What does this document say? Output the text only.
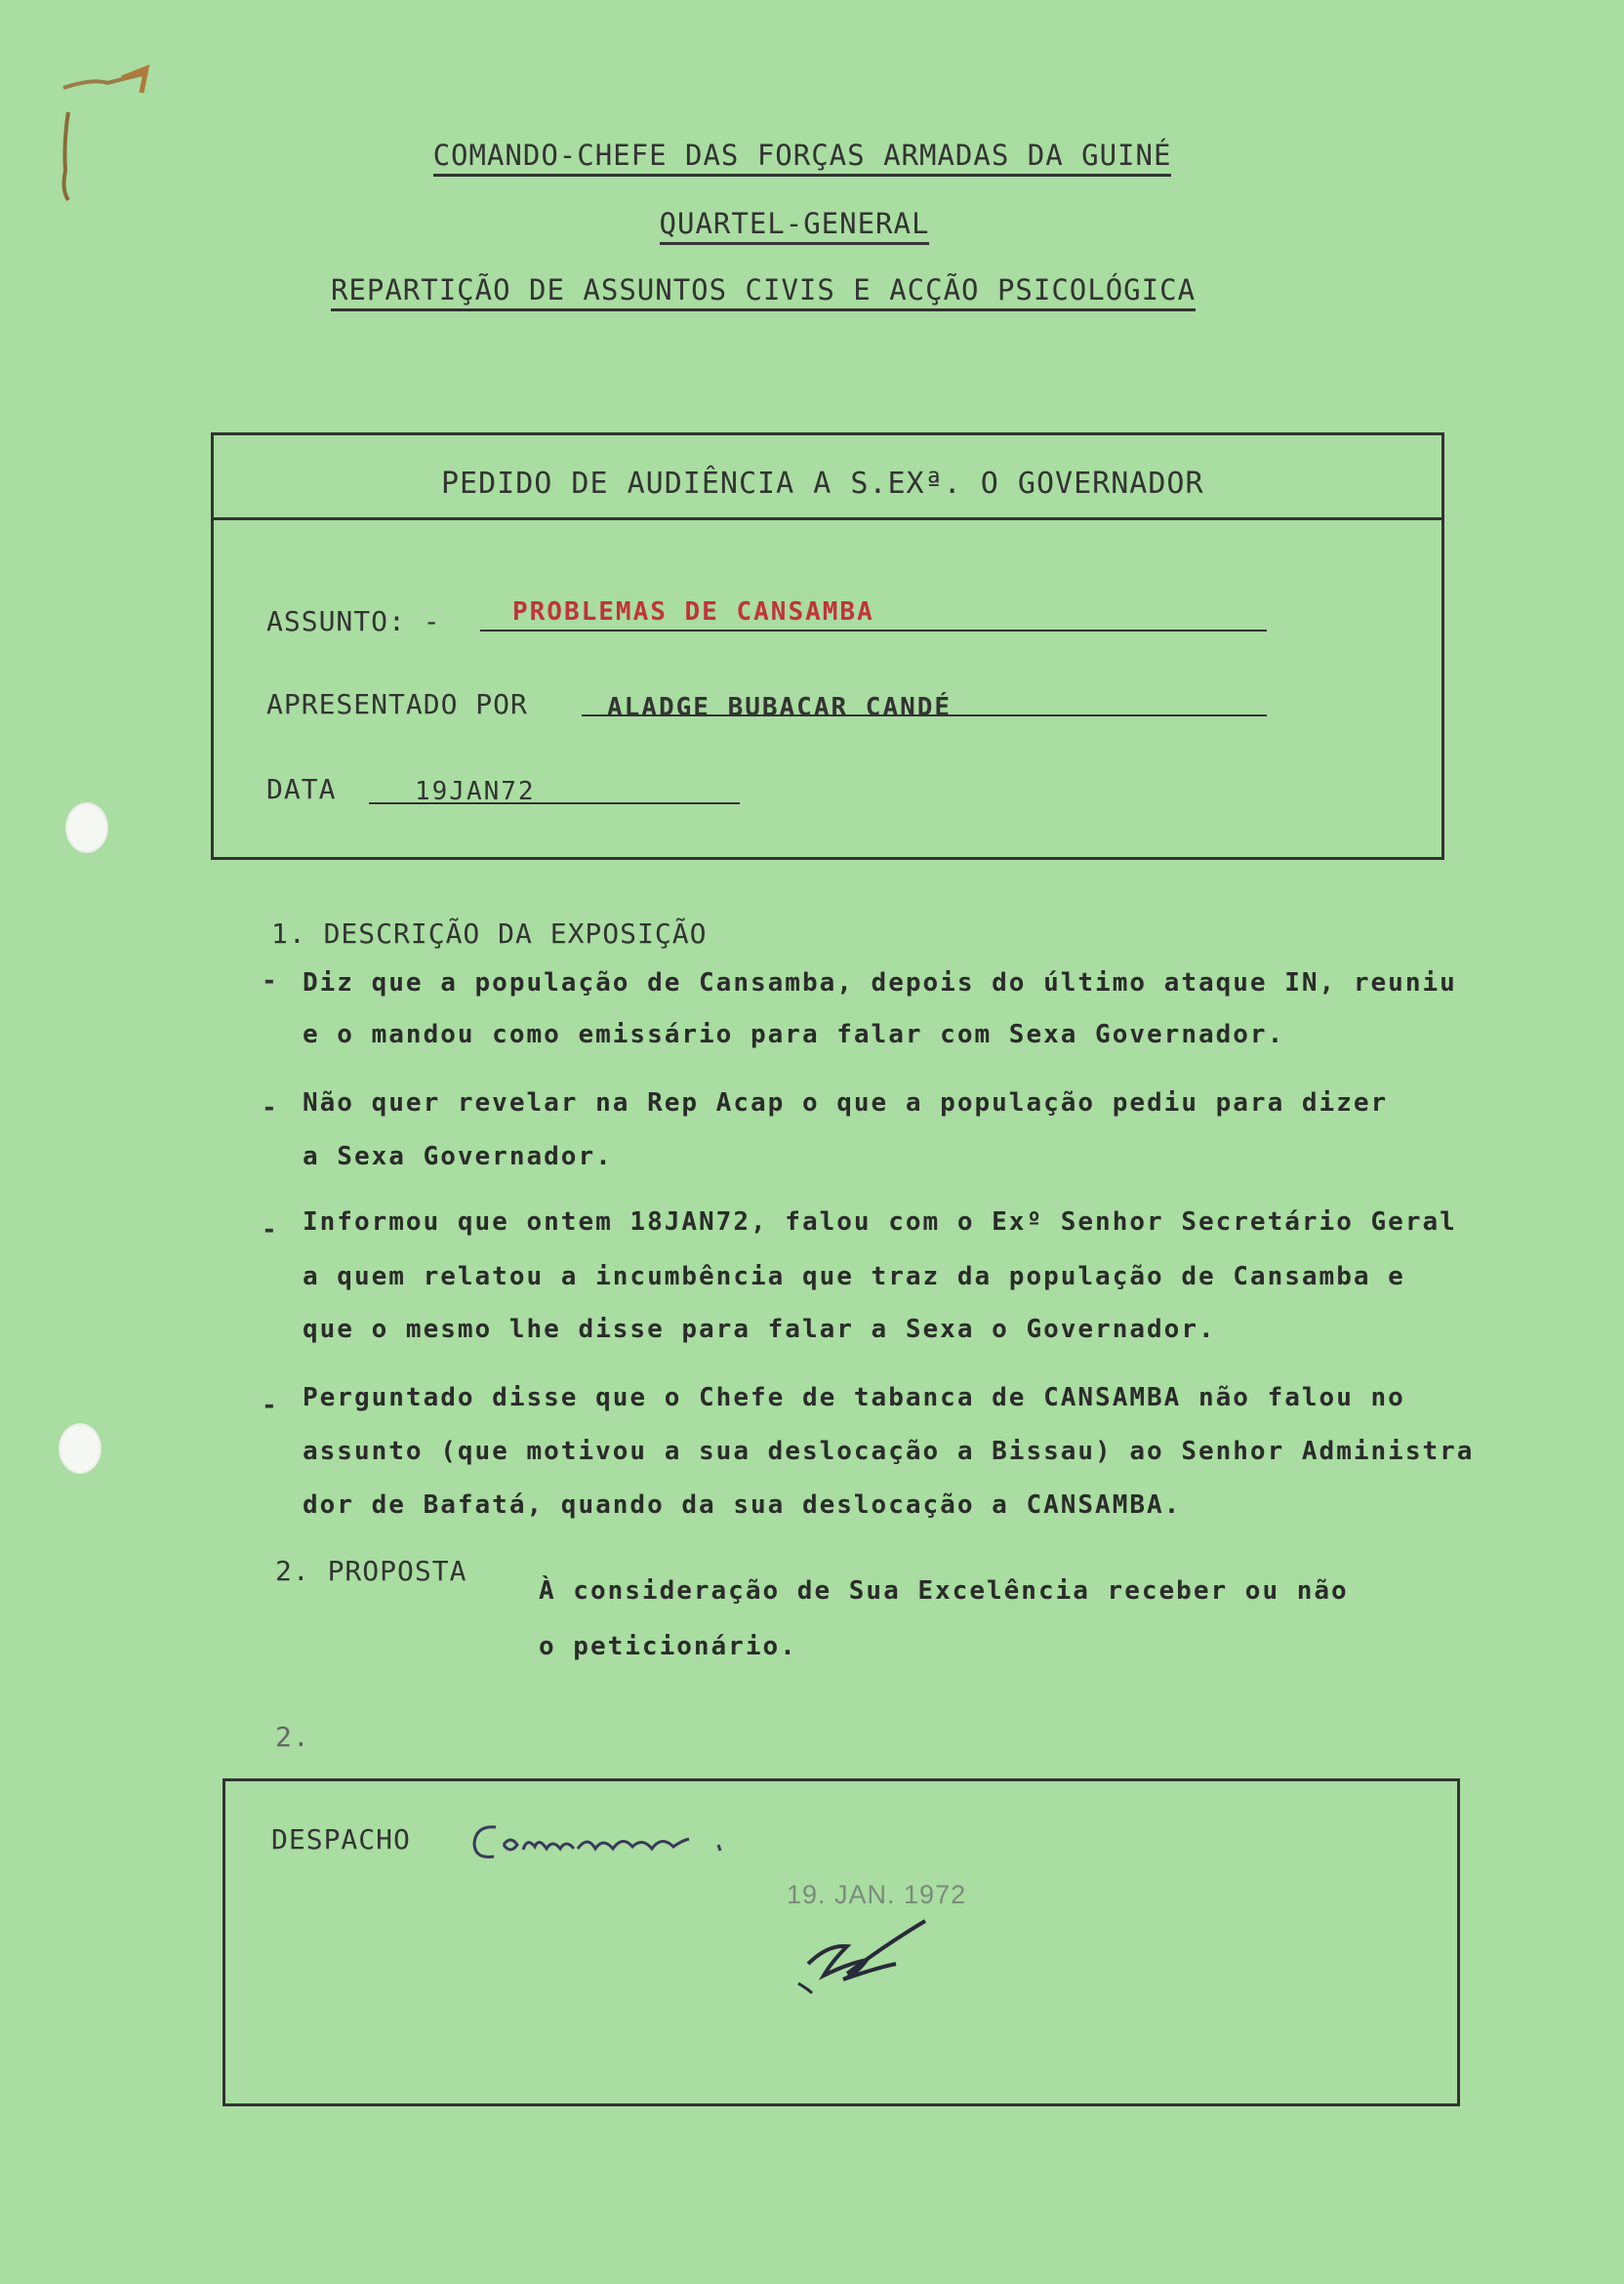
COMANDO-CHEFE DAS FORÇAS ARMADAS DA GUINÉ
QUARTEL-GENERAL
REPARTIÇÃO DE ASSUNTOS CIVIS E ACÇÃO PSICOLÓGICA
PEDIDO DE AUDIÊNCIA A S.EXª. O GOVERNADOR
ASSUNTO: -	PROBLEMAS DE CANSAMBA
APRESENTADO POR	ALADGE BUBACAR CANDÉ
DATA	19JAN72
1. DESCRIÇÃO DA EXPOSIÇÃO
- Diz que a população de Cansamba, depois do último ataque IN, reuniu
e o mandou como emissário para falar com Sexa Governador.
- Não quer revelar na Rep Acap o que a população pediu para dizer
a Sexa Governador.
- Informou que ontem 18JAN72, falou com o Exº Senhor Secretário Geral
a quem relatou a incumbência que traz da população de Cansamba e
que o mesmo lhe disse para falar a Sexa o Governador.
- Perguntado disse que o Chefe de tabanca de CANSAMBA não falou no
assunto (que motivou a sua deslocação a Bissau) ao Senhor Administra
dor de Bafatá, quando da sua deslocação a CANSAMBA.
2. PROPOSTA
À consideração de Sua Excelência receber ou não
o peticionário.
2.
DESPACHO
19. JAN. 1972
